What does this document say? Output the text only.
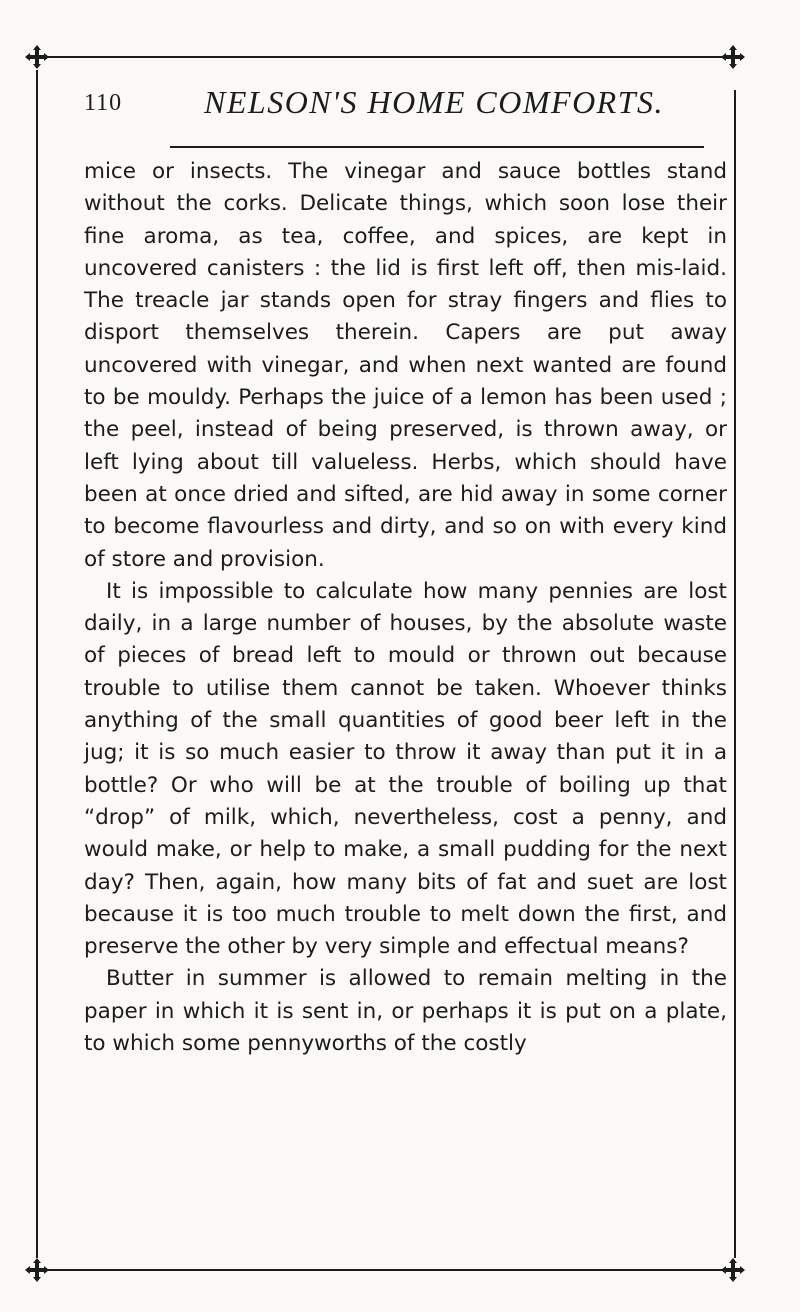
110	NELSON'S HOME COMFORTS.

mice or insects. The vinegar and sauce bottles stand without the corks. Delicate things, which soon lose their fine aroma, as tea, coffee, and spices, are kept in uncovered canisters : the lid is first left off, then mis-laid. The treacle jar stands open for stray fingers and flies to disport themselves therein. Capers are put away uncovered with vinegar, and when next wanted are found to be mouldy. Perhaps the juice of a lemon has been used ; the peel, instead of being preserved, is thrown away, or left lying about till valueless. Herbs, which should have been at once dried and sifted, are hid away in some corner to become flavourless and dirty, and so on with every kind of store and provision.

It is impossible to calculate how many pennies are lost daily, in a large number of houses, by the absolute waste of pieces of bread left to mould or thrown out because trouble to utilise them cannot be taken. Whoever thinks anything of the small quantities of good beer left in the jug; it is so much easier to throw it away than put it in a bottle? Or who will be at the trouble of boiling up that “drop” of milk, which, nevertheless, cost a penny, and would make, or help to make, a small pudding for the next day? Then, again, how many bits of fat and suet are lost because it is too much trouble to melt down the first, and preserve the other by very simple and effectual means?

Butter in summer is allowed to remain melting in the paper in which it is sent in, or perhaps it is put on a plate, to which some pennyworths of the costly
